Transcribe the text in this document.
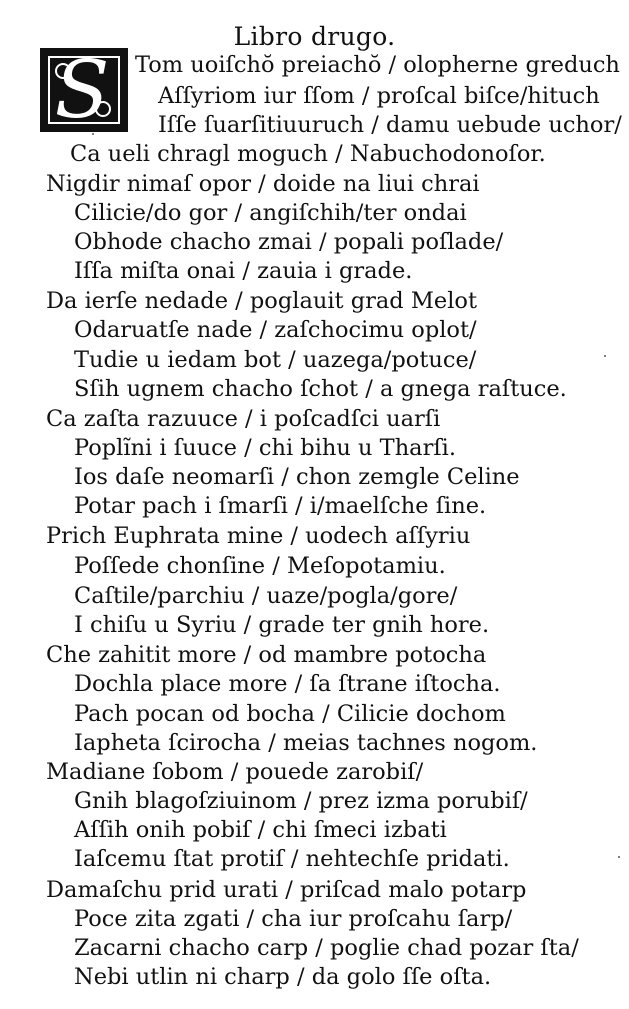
Libro drugo.
S	Tom uoiſchŏ preiachŏ / olopherne greduch
Aſſyriom iur ſſom / proſcal biſce/hituch
Iſſe ſuarſitiuuruch / damu uebude uchor/
Ca ueli chragl moguch / Nabuchodonoſor.
Nigdir nimaſ opor / doide na liui chrai
Cilicie/do gor / angiſchih/ter ondai
Obhode chacho zmai / popali poſlade/
Iſſa miſta onai / zauia i grade.
Da ierſe nedade / poglauit grad Melot
Odaruatſe nade / zaſchocimu oplot/
Tudie u iedam bot / uazega/potuce/
Sſih ugnem chacho ſchot / a gnega raſtuce.
Ca zaſta razuuce / i poſcadſci uarſi
Poplĩni i ſuuce / chi bihu u Tharſi.
Ios daſe neomarſi / chon zemgle Celine
Potar pach i ſmarſi / i/maelſche ſine.
Prich Euphrata mine / uodech aſſyriu
Poſſede chonſine / Meſopotamiu.
Caſtile/parchiu / uaze/pogla/gore/
I chiſu u Syriu / grade ter gnih hore.
Che zahitit more / od mambre potocha
Dochla place more / ſa ſtrane iſtocha.
Pach pocan od bocha / Cilicie dochom
Iapheta ſcirocha / meias tachnes nogom.
Madiane ſobom / pouede zarobiſ/
Gnih blagoſziuinom / prez izma porubiſ/
Aſſih onih pobiſ / chi ſmeci izbati
Iaſcemu ſtat protiſ / nehtechſe pridati.
Damaſchu prid urati / priſcad malo potarp
Poce zita zgati / cha iur proſcahu ſarp/
Zacarni chacho carp / poglie chad pozar ſta/
Nebi utlin ni charp / da golo ſſe oſta.
